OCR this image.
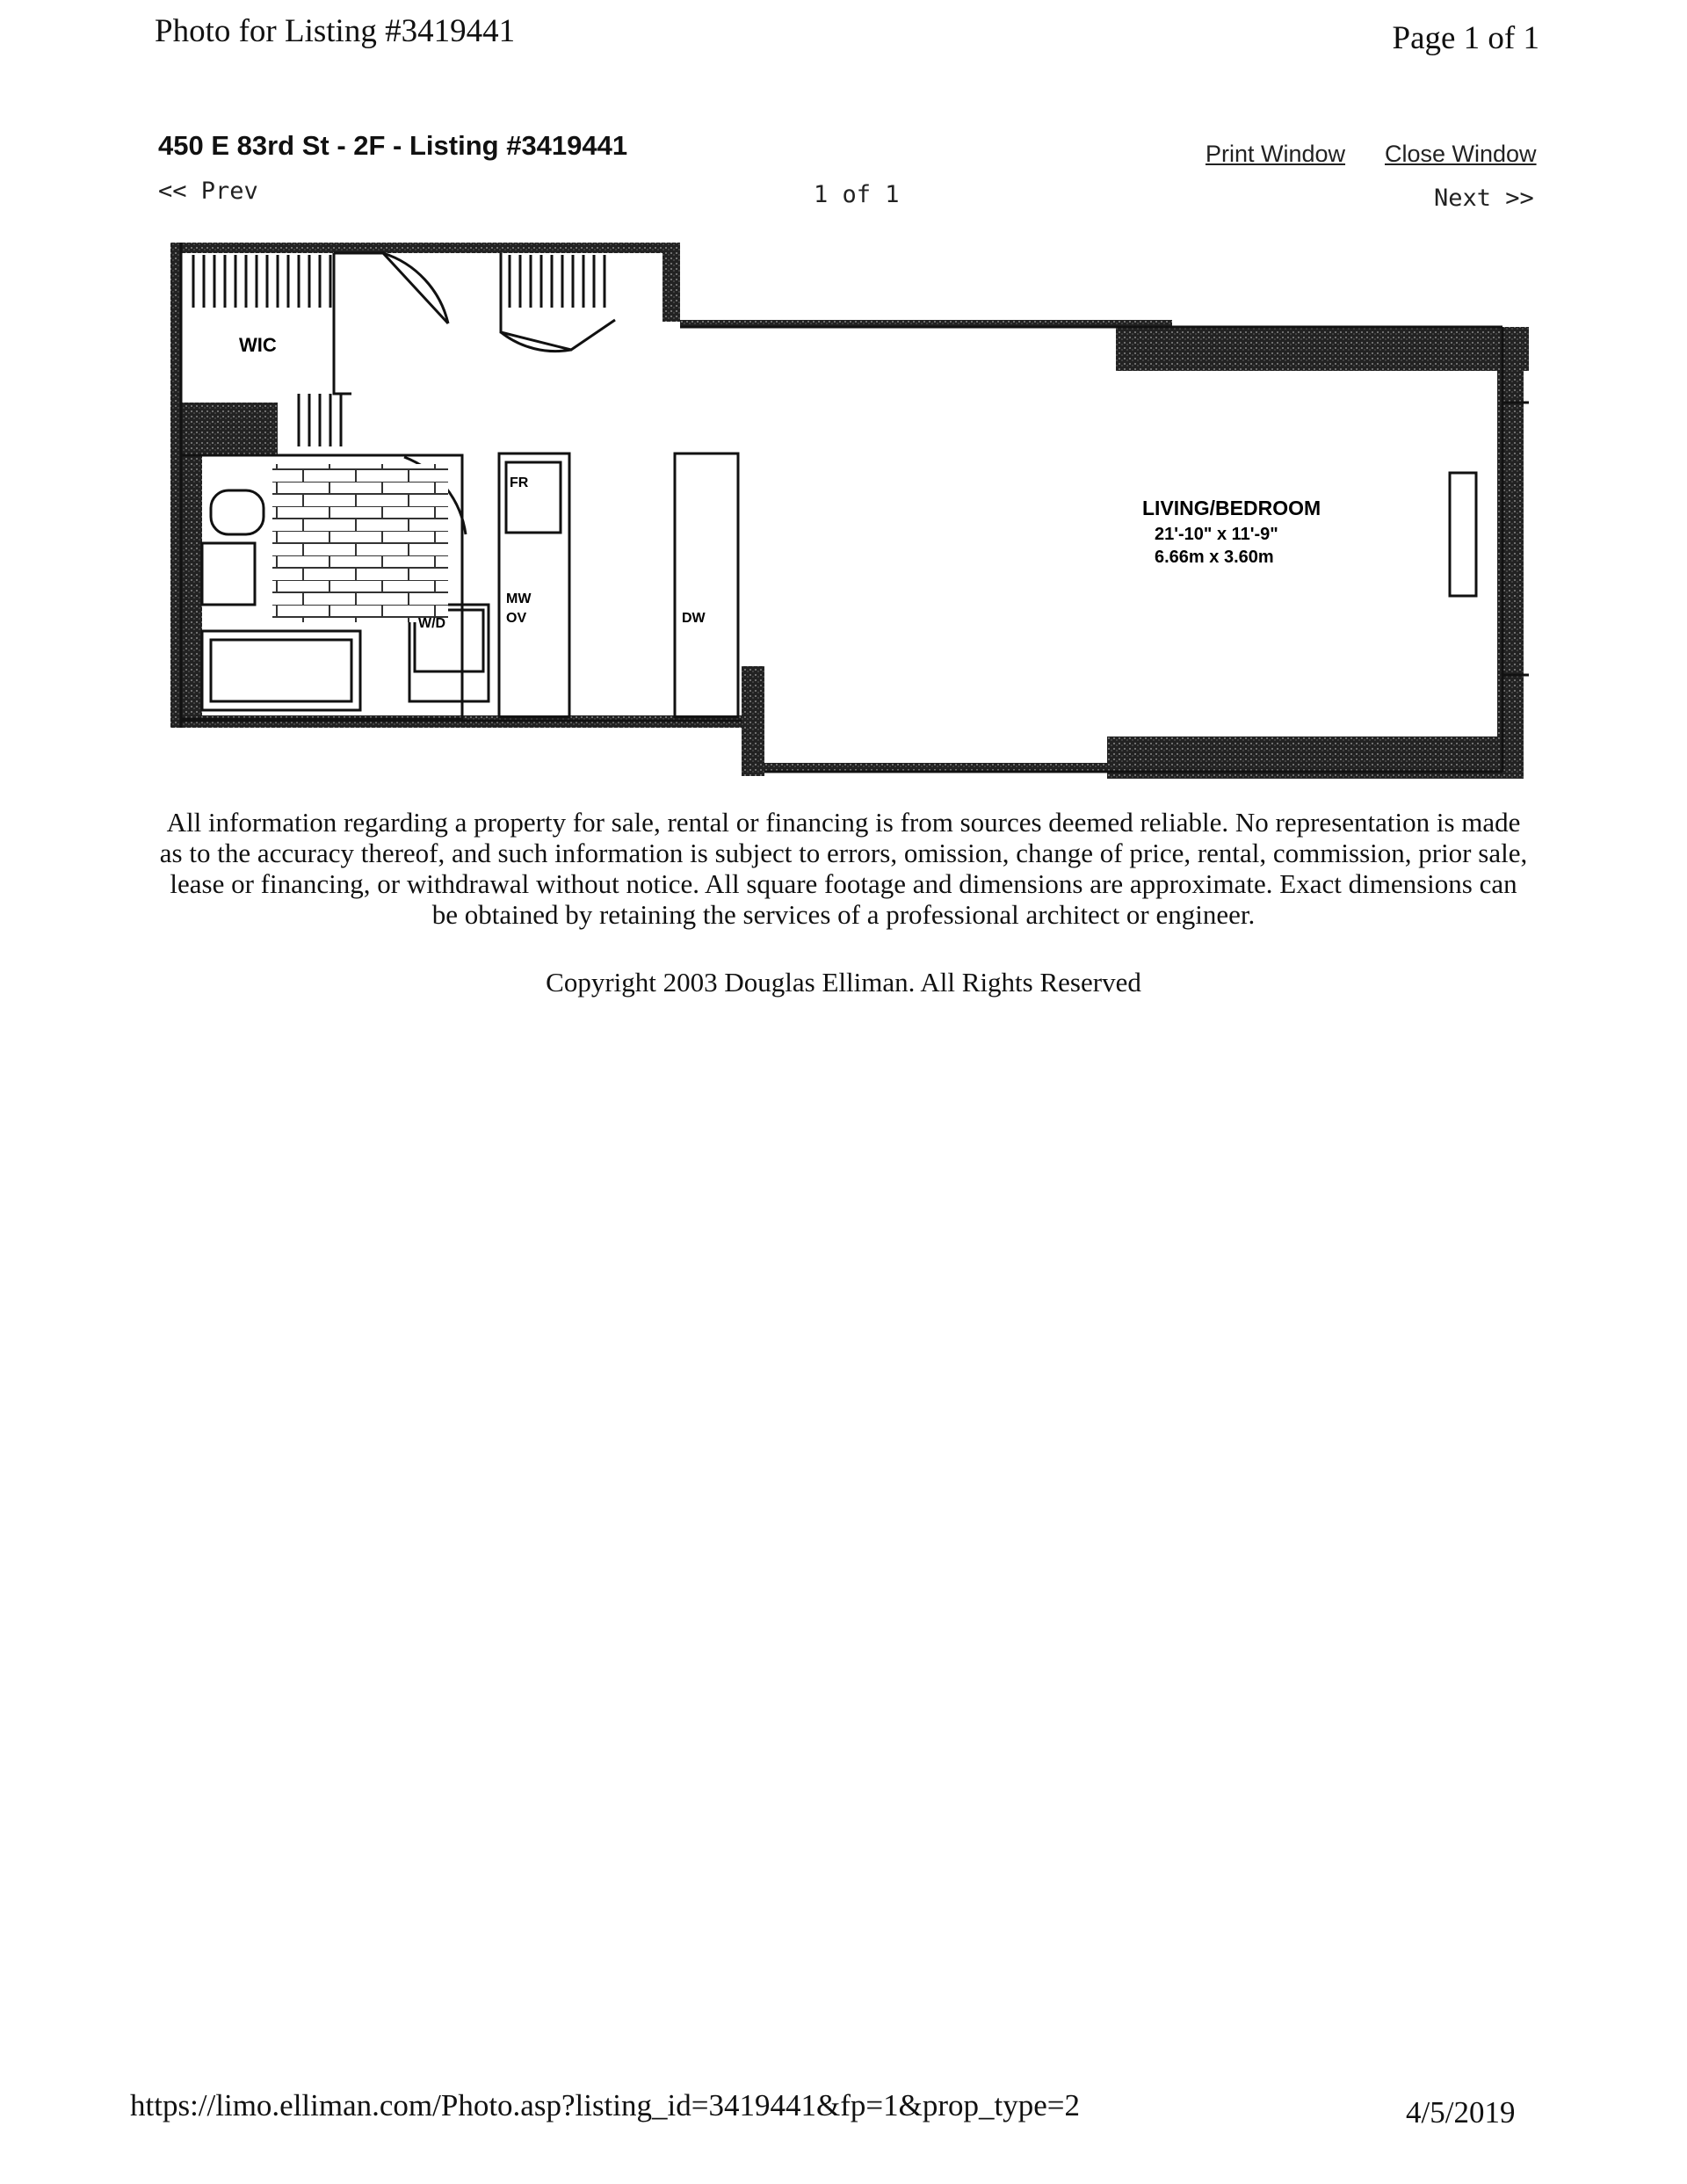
Photo for Listing #3419441	Page 1 of 1
450 E 83rd St - 2F - Listing #3419441	Print Window Close Window
<< Prev	1 of 1	Next >>
WIC
FR
W/D
MW
OV	DW
LIVING/BEDROOM
21'-10" x 11'-9"
6.66m x 3.60m
All information regarding a property for sale, rental or financing is from sources deemed reliable. No representation is made as to the accuracy thereof, and such information is subject to errors, omission, change of price, rental, commission, prior sale, lease or financing, or withdrawal without notice. All square footage and dimensions are approximate. Exact dimensions can be obtained by retaining the services of a professional architect or engineer.
Copyright 2003 Douglas Elliman. All Rights Reserved
https://limo.elliman.com/Photo.asp?listing_id=3419441&fp=1&prop_type=2	4/5/2019
